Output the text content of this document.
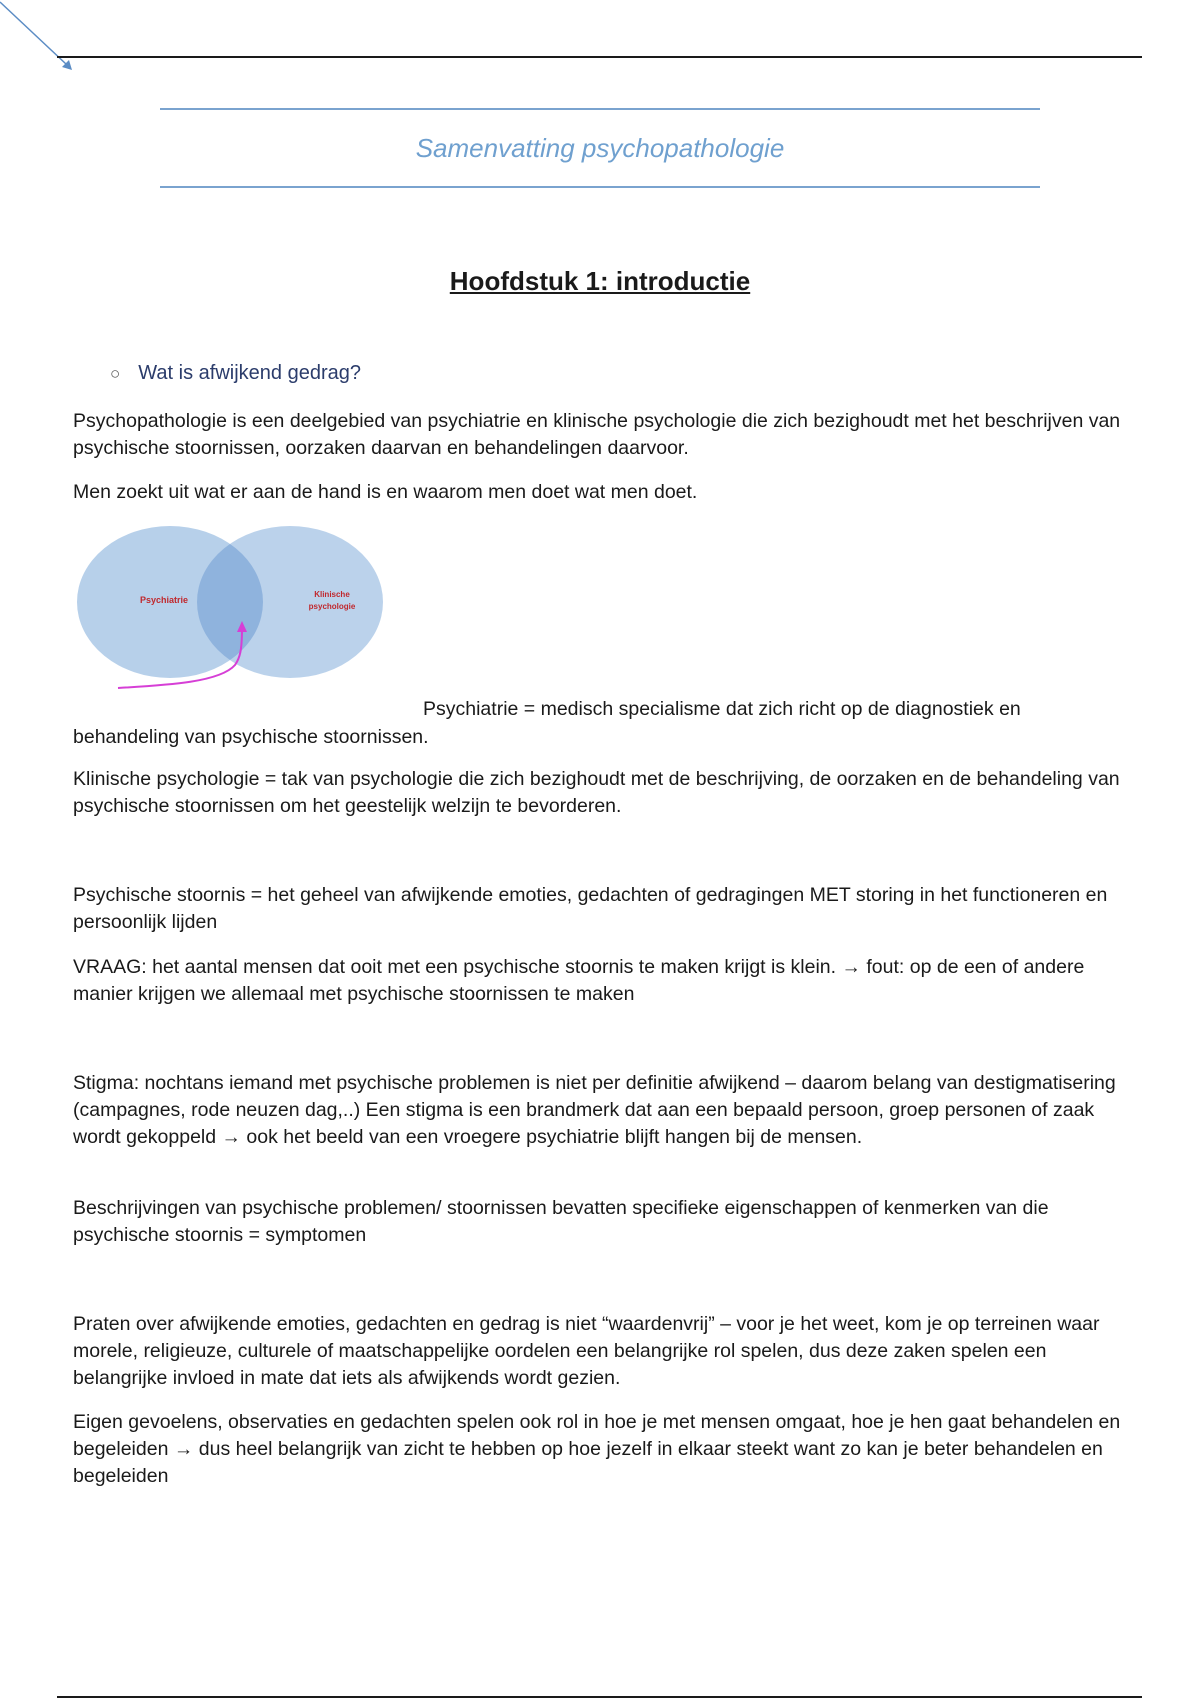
Samenvatting psychopathologie
Hoofdstuk 1: introductie
○ Wat is afwijkend gedrag?

Psychopathologie is een deelgebied van psychiatrie en klinische psychologie die zich bezighoudt met het beschrijven van psychische stoornissen, oorzaken daarvan en behandelingen daarvoor.

Men zoekt uit wat er aan de hand is en waarom men doet wat men doet.

Psychiatrie
Klinische
psychologie

Psychiatrie = medisch specialisme dat zich richt op de diagnostiek en

behandeling van psychische stoornissen.

Klinische psychologie = tak van psychologie die zich bezighoudt met de beschrijving, de oorzaken en de behandeling van psychische stoornissen om het geestelijk welzijn te bevorderen.

Psychische stoornis = het geheel van afwijkende emoties, gedachten of gedragingen MET storing in het functioneren en persoonlijk lijden

VRAAG: het aantal mensen dat ooit met een psychische stoornis te maken krijgt is klein. → fout: op de een of andere manier krijgen we allemaal met psychische stoornissen te maken

Stigma: nochtans iemand met psychische problemen is niet per definitie afwijkend – daarom belang van destigmatisering (campagnes, rode neuzen dag,..) Een stigma is een brandmerk dat aan een bepaald persoon, groep personen of zaak wordt gekoppeld → ook het beeld van een vroegere psychiatrie blijft hangen bij de mensen.

Beschrijvingen van psychische problemen/ stoornissen bevatten specifieke eigenschappen of kenmerken van die psychische stoornis = symptomen

Praten over afwijkende emoties, gedachten en gedrag is niet “waardenvrij” – voor je het weet, kom je op terreinen waar morele, religieuze, culturele of maatschappelijke oordelen een belangrijke rol spelen, dus deze zaken spelen een belangrijke invloed in mate dat iets als afwijkends wordt gezien.

Eigen gevoelens, observaties en gedachten spelen ook rol in hoe je met mensen omgaat, hoe je hen gaat behandelen en begeleiden → dus heel belangrijk van zicht te hebben op hoe jezelf in elkaar steekt want zo kan je beter behandelen en begeleiden
